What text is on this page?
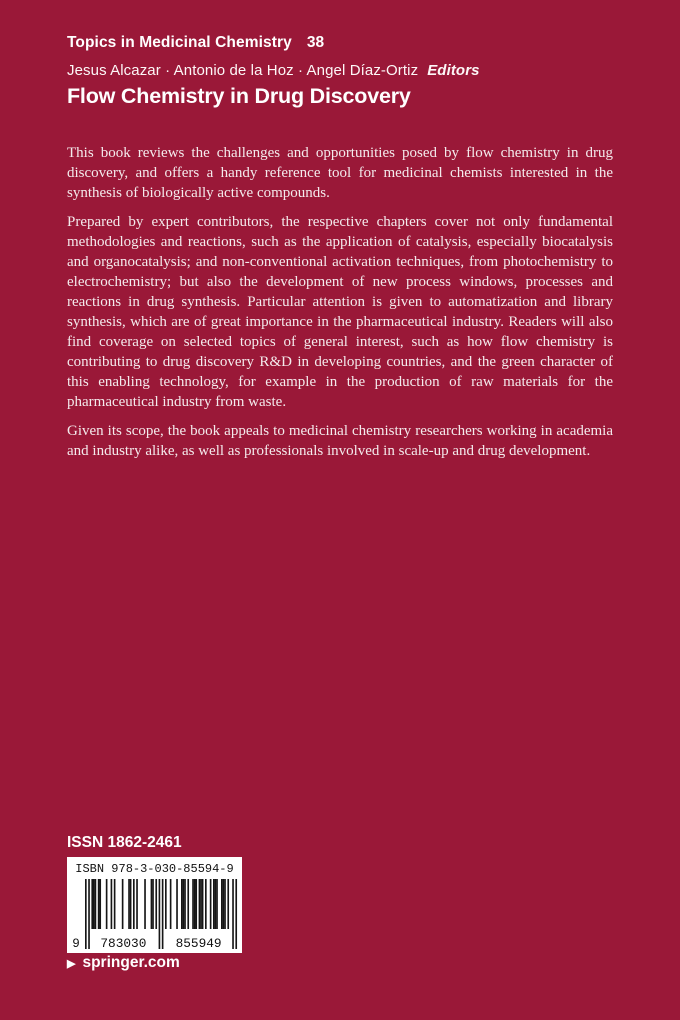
Topics in Medicinal Chemistry 38
Jesus Alcazar · Antonio de la Hoz · Angel Díaz-Ortiz Editors
Flow Chemistry in Drug Discovery

This book reviews the challenges and opportunities posed by flow chemistry in drug discovery, and offers a handy reference tool for medicinal chemists interested in the synthesis of biologically active compounds.

Prepared by expert contributors, the respective chapters cover not only fundamental methodologies and reactions, such as the application of catalysis, especially biocatalysis and organocatalysis; and non-conventional activation techniques, from photochemistry to electrochemistry; but also the development of new process windows, processes and reactions in drug synthesis. Particular attention is given to automatization and library synthesis, which are of great importance in the pharmaceutical industry. Readers will also find coverage on selected topics of general interest, such as how flow chemistry is contributing to drug discovery R&D in developing countries, and the green character of this enabling technology, for example in the production of raw materials for the pharmaceutical industry from waste.

Given its scope, the book appeals to medicinal chemistry researchers working in academia and industry alike, as well as professionals involved in scale-up and drug development.

ISSN 1862-2461
ISBN 978-3-030-85594-9
9 783030 855949
▶ springer.com
